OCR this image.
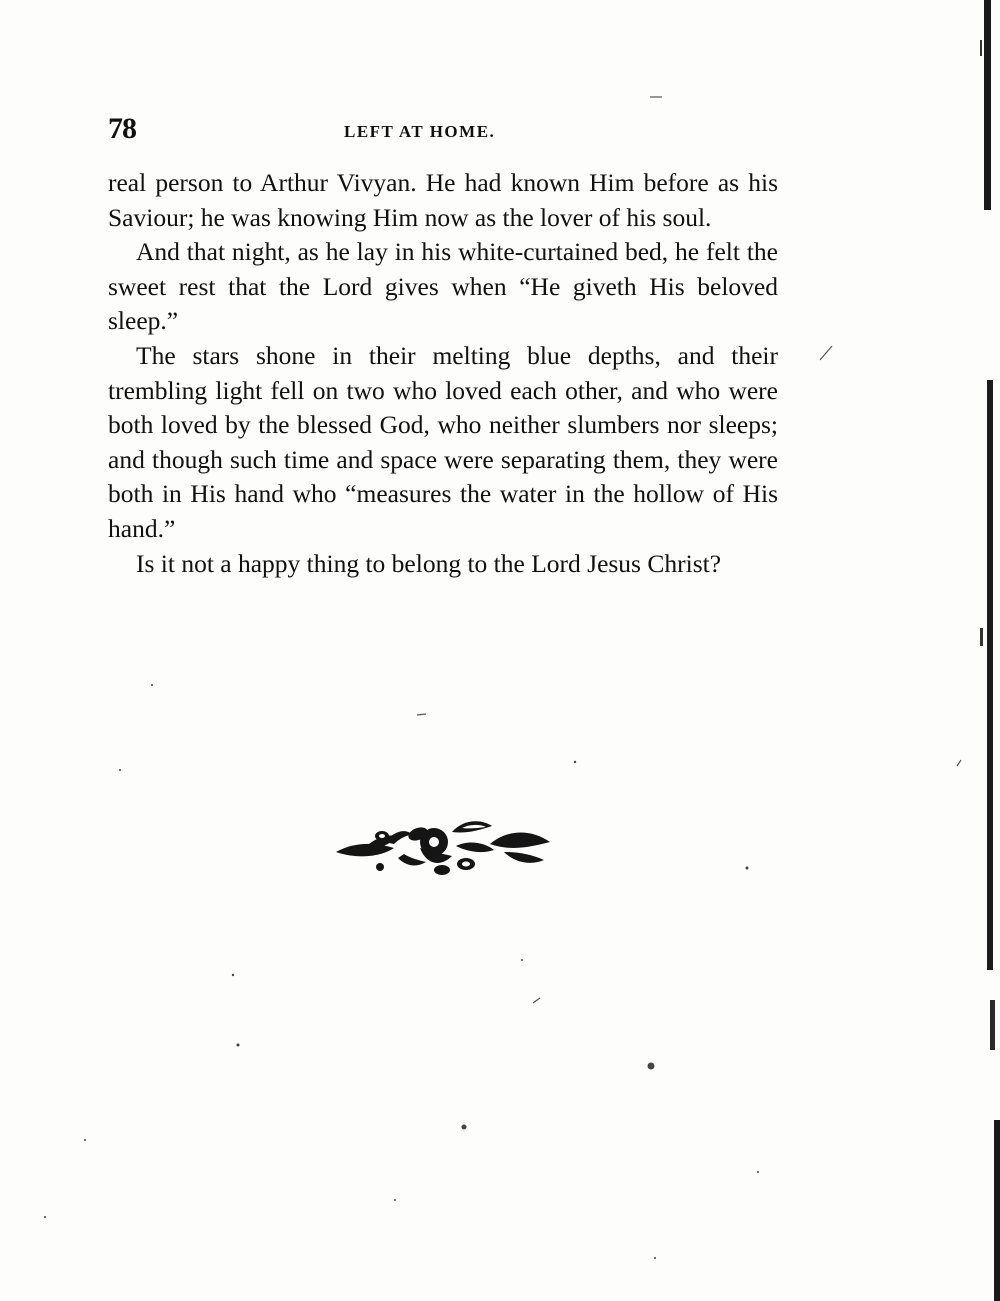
78	LEFT AT HOME.

real person to Arthur Vivyan. He had known Him before as his Saviour; he was knowing Him now as the lover of his soul.

And that night, as he lay in his white-curtained bed, he felt the sweet rest that the Lord gives when “He giveth His beloved sleep.”

The stars shone in their melting blue depths, and their trembling light fell on two who loved each other, and who were both loved by the blessed God, who neither slumbers nor sleeps; and though such time and space were separating them, they were both in His hand who “measures the water in the hollow of His hand.”

Is it not a happy thing to belong to the Lord Jesus Christ?
